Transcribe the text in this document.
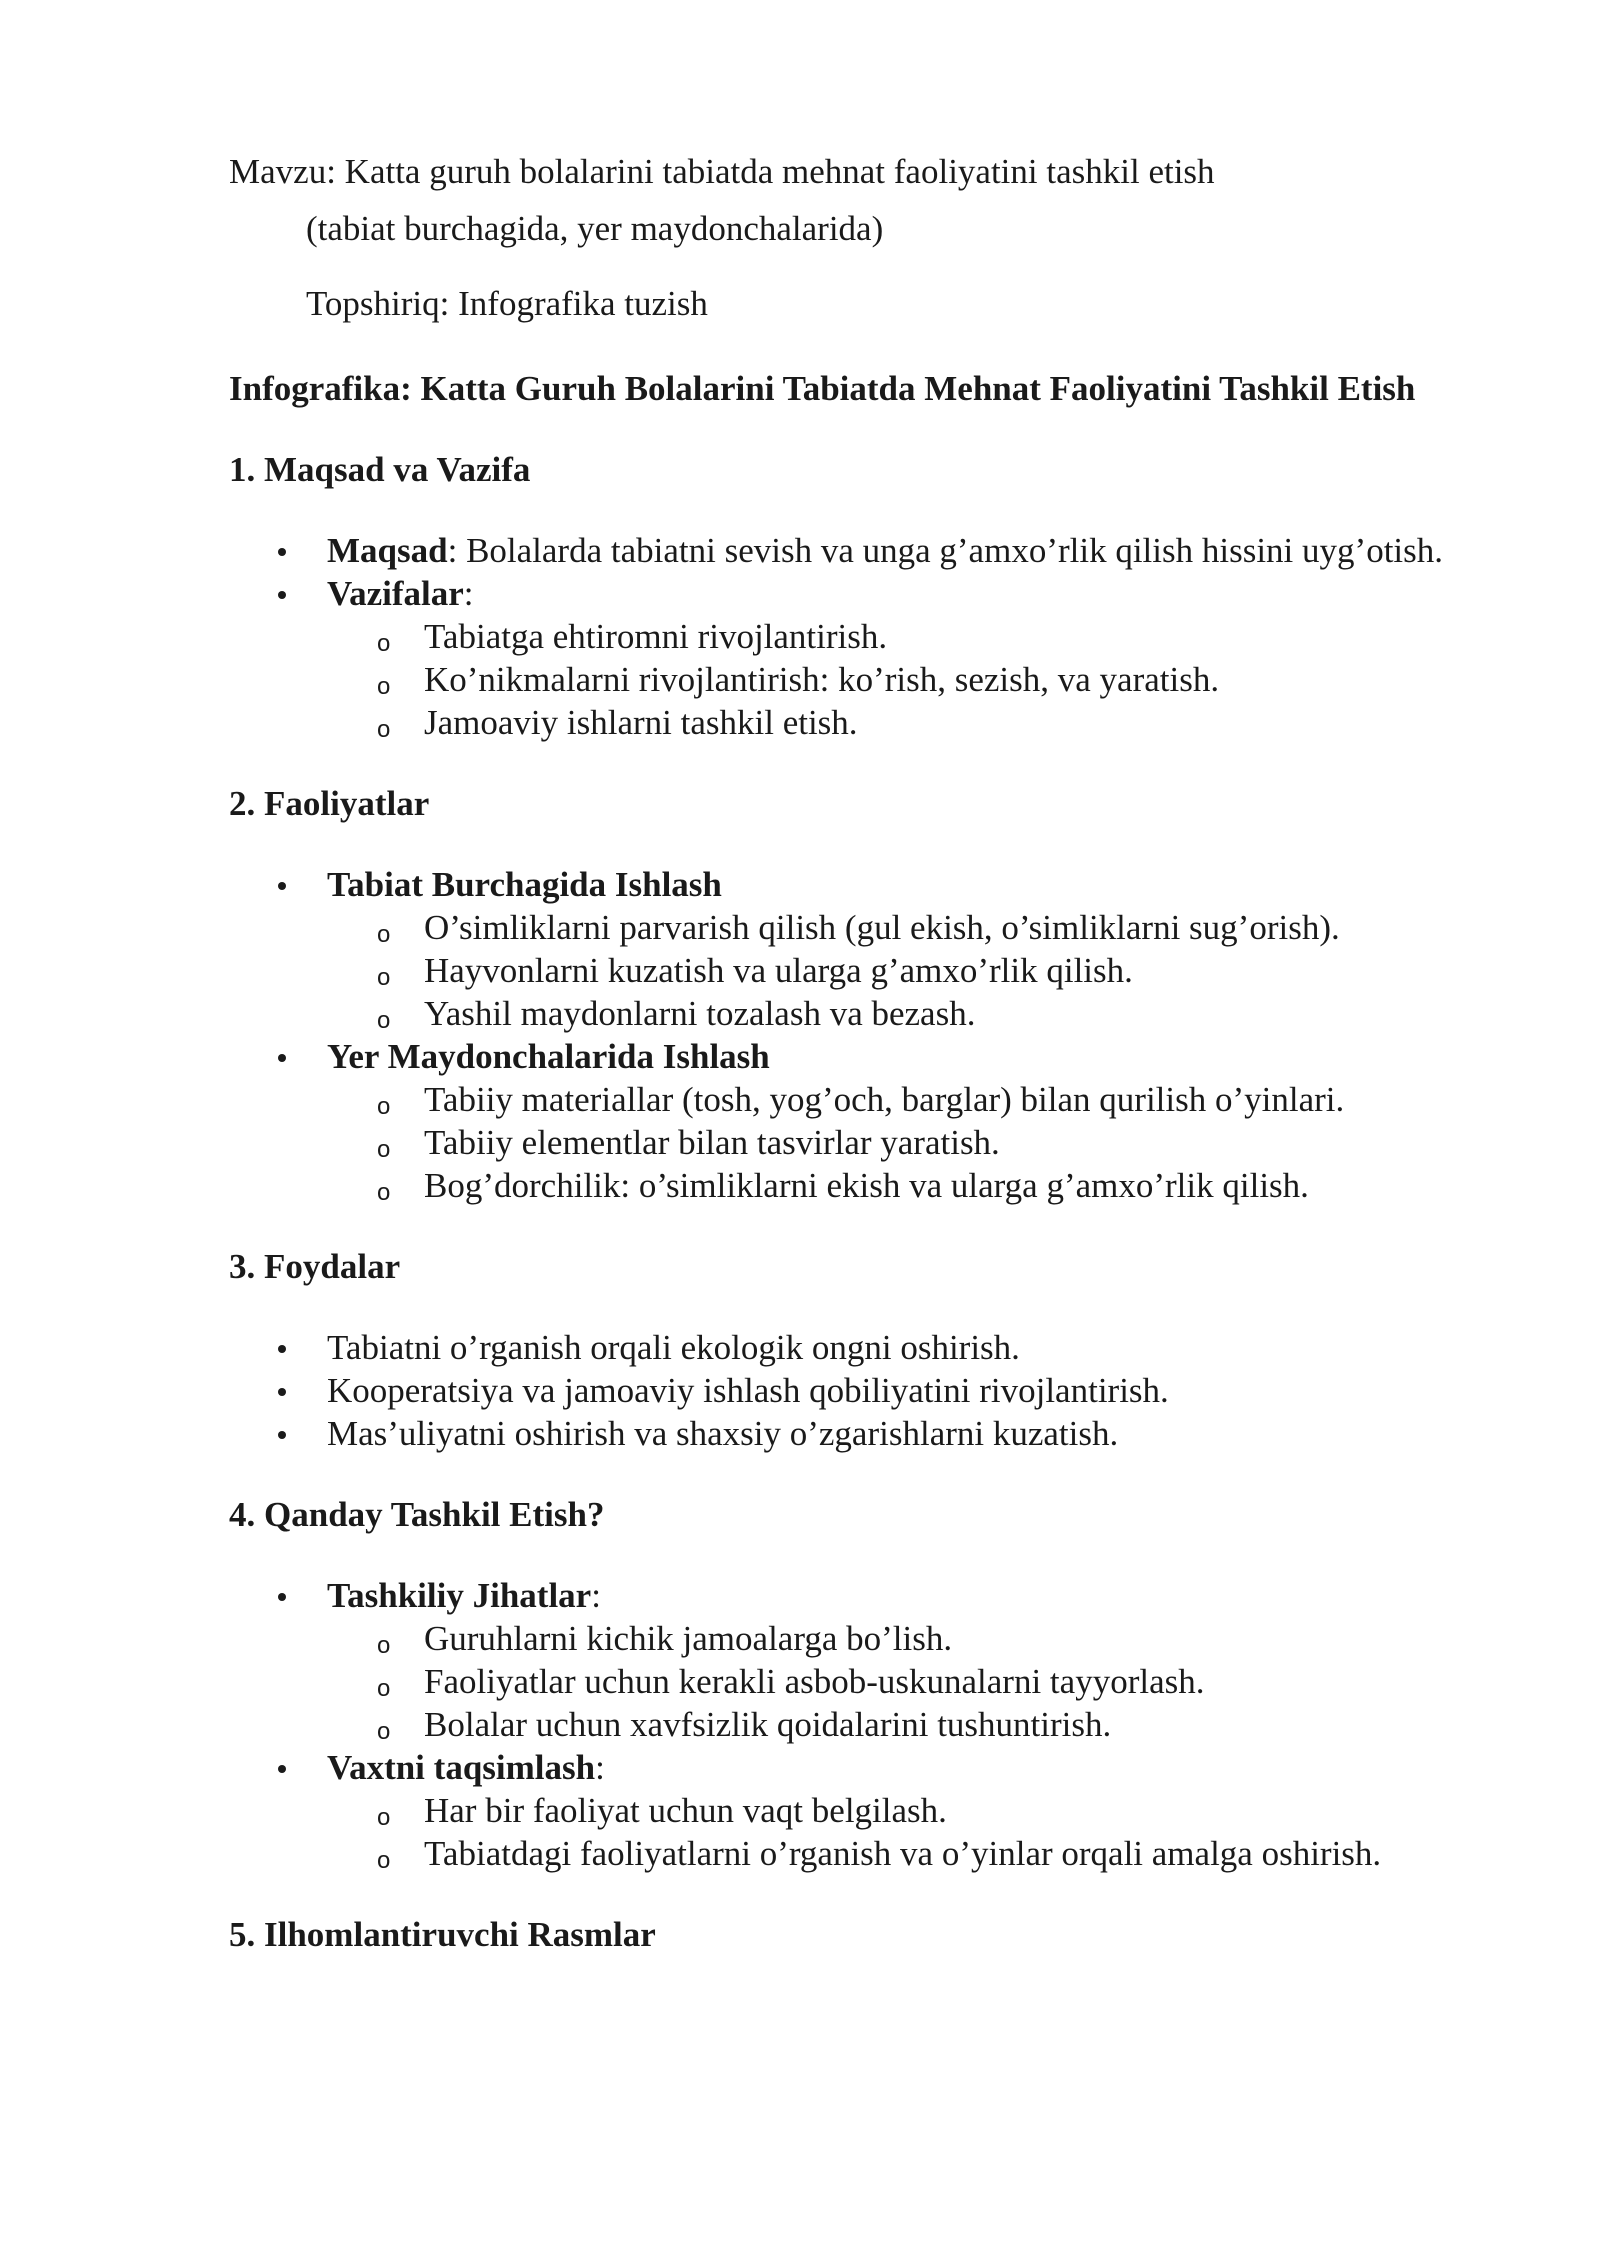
Mavzu: Katta guruh bolalarini tabiatda mehnat faoliyatini tashkil etish

(tabiat burchagida, yer maydonchalarida)

Topshiriq: Infografika tuzish

Infografika: Katta Guruh Bolalarini Tabiatda Mehnat Faoliyatini Tashkil Etish

1. Maqsad va Vazifa

Maqsad: Bolalarda tabiatni sevish va unga g’amxo’rlik qilish hissini uyg’otish.
Vazifalar:
o Tabiatga ehtiromni rivojlantirish.
o Ko’nikmalarni rivojlantirish: ko’rish, sezish, va yaratish.
o Jamoaviy ishlarni tashkil etish.

2. Faoliyatlar

Tabiat Burchagida Ishlash
o O’simliklarni parvarish qilish (gul ekish, o’simliklarni sug’orish).
o Hayvonlarni kuzatish va ularga g’amxo’rlik qilish.
o Yashil maydonlarni tozalash va bezash.
Yer Maydonchalarida Ishlash
o Tabiiy materiallar (tosh, yog’och, barglar) bilan qurilish o’yinlari.
o Tabiiy elementlar bilan tasvirlar yaratish.
o Bog’dorchilik: o’simliklarni ekish va ularga g’amxo’rlik qilish.

3. Foydalar

Tabiatni o’rganish orqali ekologik ongni oshirish.
Kooperatsiya va jamoaviy ishlash qobiliyatini rivojlantirish.
Mas’uliyatni oshirish va shaxsiy o’zgarishlarni kuzatish.

4. Qanday Tashkil Etish?

Tashkiliy Jihatlar:
o Guruhlarni kichik jamoalarga bo’lish.
o Faoliyatlar uchun kerakli asbob-uskunalarni tayyorlash.
o Bolalar uchun xavfsizlik qoidalarini tushuntirish.
Vaxtni taqsimlash:
o Har bir faoliyat uchun vaqt belgilash.
o Tabiatdagi faoliyatlarni o’rganish va o’yinlar orqali amalga oshirish.

5. Ilhomlantiruvchi Rasmlar
